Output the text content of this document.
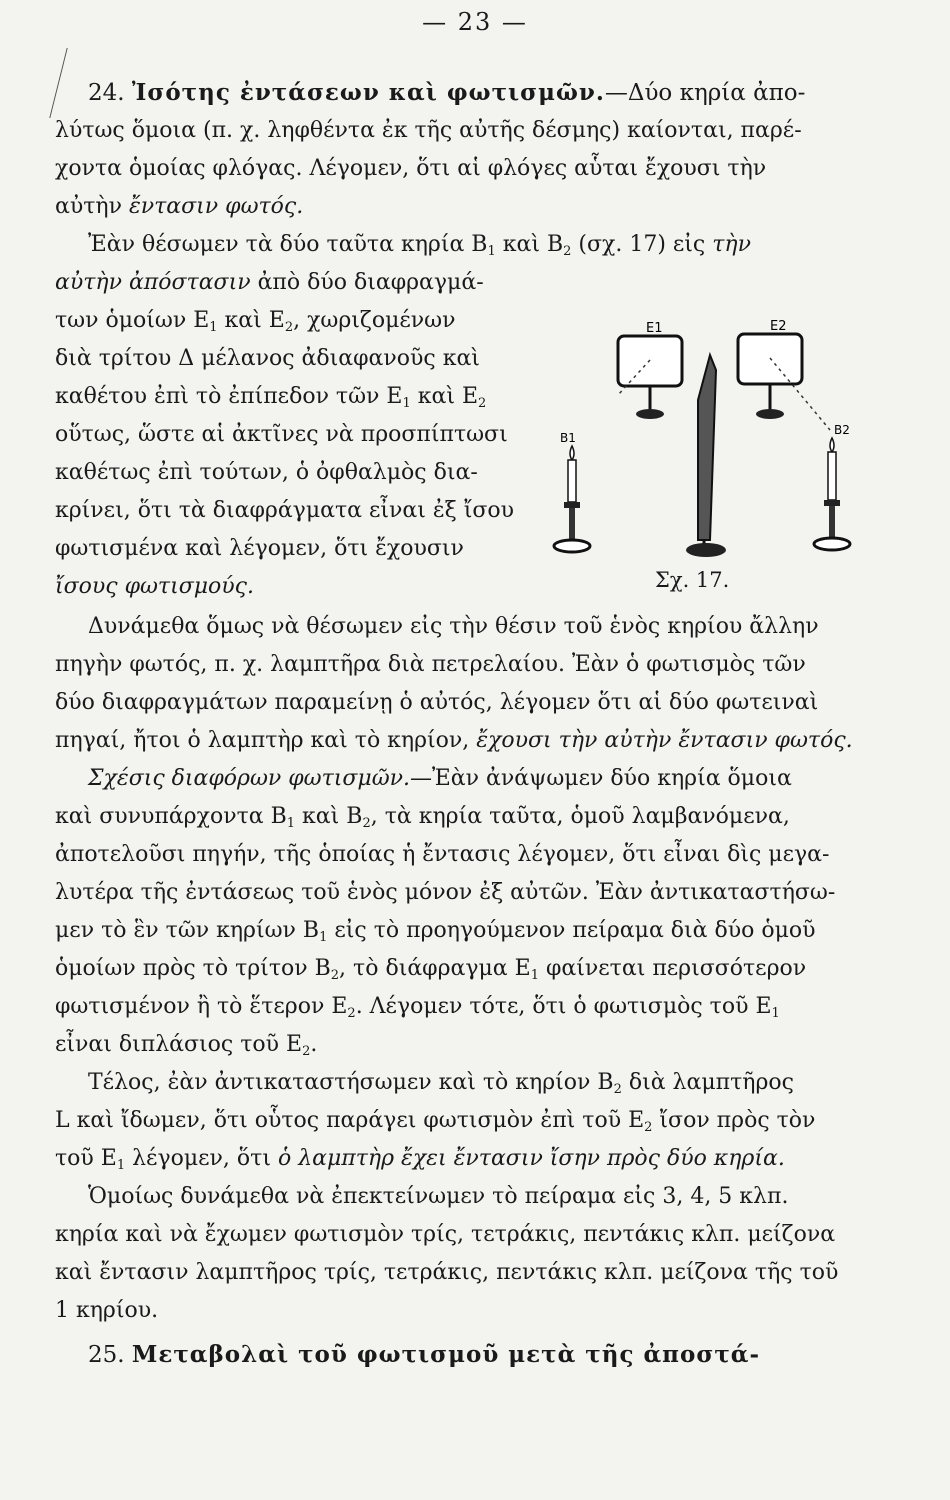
— 23 —
24. Ἰσότης ἐντάσεων καὶ φωτισμῶν.—Δύο κηρία ἀπο-
λύτως ὅμοια (π. χ. ληφθέντα ἐκ τῆς αὐτῆς δέσμης) καίονται, παρέ-
χοντα ὁμοίας φλόγας. Λέγομεν, ὅτι αἱ φλόγες αὗται ἔχουσι τὴν
αὐτὴν ἔντασιν φωτός.
Ἐὰν θέσωμεν τὰ δύο ταῦτα κηρία $B_1$ καὶ $B_2$ (σχ. 17) εἰς τὴν
αὐτὴν ἀπόστασιν ἀπὸ δύο διαφραγμά-
των ὁμοίων $E_1$ καὶ $E_2$, χωριζομένων
διὰ τρίτου Δ μέλανος ἀδιαφανοῦς καὶ
καθέτου ἐπὶ τὸ ἐπίπεδον τῶν $E_1$ καὶ $E_2$
οὕτως, ὥστε αἱ ἀκτῖνες νὰ προσπίπτωσι
καθέτως ἐπὶ τούτων, ὁ ὀφθαλμὸς δια-
κρίνει, ὅτι τὰ διαφράγματα εἶναι ἐξ ἴσου
φωτισμένα καὶ λέγομεν, ὅτι ἔχουσιν
ἴσους φωτισμούς.
Ε1	Ε2
Β1
Β2
Σχ. 17.
Δυνάμεθα ὅμως νὰ θέσωμεν εἰς τὴν θέσιν τοῦ ἑνὸς κηρίου ἄλλην
πηγὴν φωτός, π. χ. λαμπτῆρα διὰ πετρελαίου. Ἐὰν ὁ φωτισμὸς τῶν
δύο διαφραγμάτων παραμείνῃ ὁ αὐτός, λέγομεν ὅτι αἱ δύο φωτειναὶ
πηγαί, ἤτοι ὁ λαμπτὴρ καὶ τὸ κηρίον, ἔχουσι τὴν αὐτὴν ἔντασιν φωτός.
Σχέσις διαφόρων φωτισμῶν.—Ἐὰν ἀνάψωμεν δύο κηρία ὅμοια
καὶ συνυπάρχοντα $B_1$ καὶ $B_2$, τὰ κηρία ταῦτα, ὁμοῦ λαμβανόμενα,
ἀποτελοῦσι πηγήν, τῆς ὁποίας ἡ ἔντασις λέγομεν, ὅτι εἶναι δὶς μεγα-
λυτέρα τῆς ἐντάσεως τοῦ ἑνὸς μόνον ἐξ αὐτῶν. Ἐὰν ἀντικαταστήσω-
μεν τὸ ἓν τῶν κηρίων $B_1$ εἰς τὸ προηγούμενον πείραμα διὰ δύο ὁμοῦ
ὁμοίων πρὸς τὸ τρίτον $B_2$, τὸ διάφραγμα $E_1$ φαίνεται περισσότερον
φωτισμένον ἢ τὸ ἕτερον $E_2$. Λέγομεν τότε, ὅτι ὁ φωτισμὸς τοῦ $E_1$
εἶναι διπλάσιος τοῦ $E_2$.
Τέλος, ἐὰν ἀντικαταστήσωμεν καὶ τὸ κηρίον $B_2$ διὰ λαμπτῆρος
L καὶ ἴδωμεν, ὅτι οὗτος παράγει φωτισμὸν ἐπὶ τοῦ $E_2$ ἴσον πρὸς τὸν
τοῦ $E_1$ λέγομεν, ὅτι ὁ λαμπτὴρ ἔχει ἔντασιν ἴσην πρὸς δύο κηρία.
Ὁμοίως δυνάμεθα νὰ ἐπεκτείνωμεν τὸ πείραμα εἰς 3, 4, 5 κλπ.
κηρία καὶ νὰ ἔχωμεν φωτισμὸν τρίς, τετράκις, πεντάκις κλπ. μείζονα
καὶ ἔντασιν λαμπτῆρος τρίς, τετράκις, πεντάκις κλπ. μείζονα τῆς τοῦ
1 κηρίου.
25. Μεταβολαὶ τοῦ φωτισμοῦ μετὰ τῆς ἀποστά-
